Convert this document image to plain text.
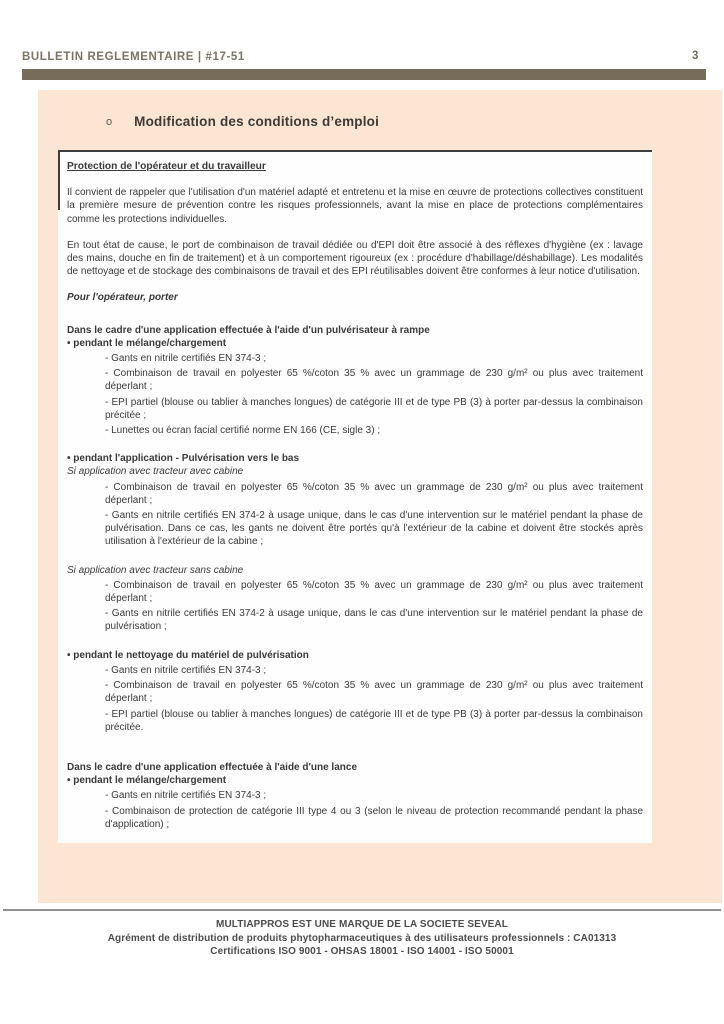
BULLETIN REGLEMENTAIRE | #17-51	3
o Modification des conditions d’emploi
Protection de l'opérateur et du travailleur
Il convient de rappeler que l'utilisation d'un matériel adapté et entretenu et la mise en œuvre de protections collectives constituent la première mesure de prévention contre les risques professionnels, avant la mise en place de protections complémentaires comme les protections individuelles.
En tout état de cause, le port de combinaison de travail dédiée ou d'EPI doit être associé à des réflexes d'hygiène (ex : lavage des mains, douche en fin de traitement) et à un comportement rigoureux (ex : procédure d'habillage/déshabillage). Les modalités de nettoyage et de stockage des combinaisons de travail et des EPI réutilisables doivent être conformes à leur notice d'utilisation.
Pour l'opérateur, porter
Dans le cadre d'une application effectuée à l'aide d'un pulvérisateur à rampe
• pendant le mélange/chargement
- Gants en nitrile certifiés EN 374-3 ;
- Combinaison de travail en polyester 65 %/coton 35 % avec un grammage de 230 g/m² ou plus avec traitement déperlant ;
- EPI partiel (blouse ou tablier à manches longues) de catégorie III et de type PB (3) à porter par-dessus la combinaison précitée ;
- Lunettes ou écran facial certifié norme EN 166 (CE, sigle 3) ;
• pendant l'application - Pulvérisation vers le bas
Si application avec tracteur avec cabine
- Combinaison de travail en polyester 65 %/coton 35 % avec un grammage de 230 g/m² ou plus avec traitement déperlant ;
- Gants en nitrile certifiés EN 374-2 à usage unique, dans le cas d'une intervention sur le matériel pendant la phase de pulvérisation. Dans ce cas, les gants ne doivent être portés qu'à l'extérieur de la cabine et doivent être stockés après utilisation à l'extérieur de la cabine ;
Si application avec tracteur sans cabine
- Combinaison de travail en polyester 65 %/coton 35 % avec un grammage de 230 g/m² ou plus avec traitement déperlant ;
- Gants en nitrile certifiés EN 374-2 à usage unique, dans le cas d'une intervention sur le matériel pendant la phase de pulvérisation ;
• pendant le nettoyage du matériel de pulvérisation
- Gants en nitrile certifiés EN 374-3 ;
- Combinaison de travail en polyester 65 %/coton 35 % avec un grammage de 230 g/m² ou plus avec traitement déperlant ;
- EPI partiel (blouse ou tablier à manches longues) de catégorie III et de type PB (3) à porter par-dessus la combinaison précitée.
Dans le cadre d'une application effectuée à l'aide d'une lance
• pendant le mélange/chargement
- Gants en nitrile certifiés EN 374-3 ;
- Combinaison de protection de catégorie III type 4 ou 3 (selon le niveau de protection recommandé pendant la phase d'application) ;
MULTIAPPROS EST UNE MARQUE DE LA SOCIETE SEVEAL
Agrément de distribution de produits phytopharmaceutiques à des utilisateurs professionnels : CA01313
Certifications ISO 9001 - OHSAS 18001 - ISO 14001 - ISO 50001
